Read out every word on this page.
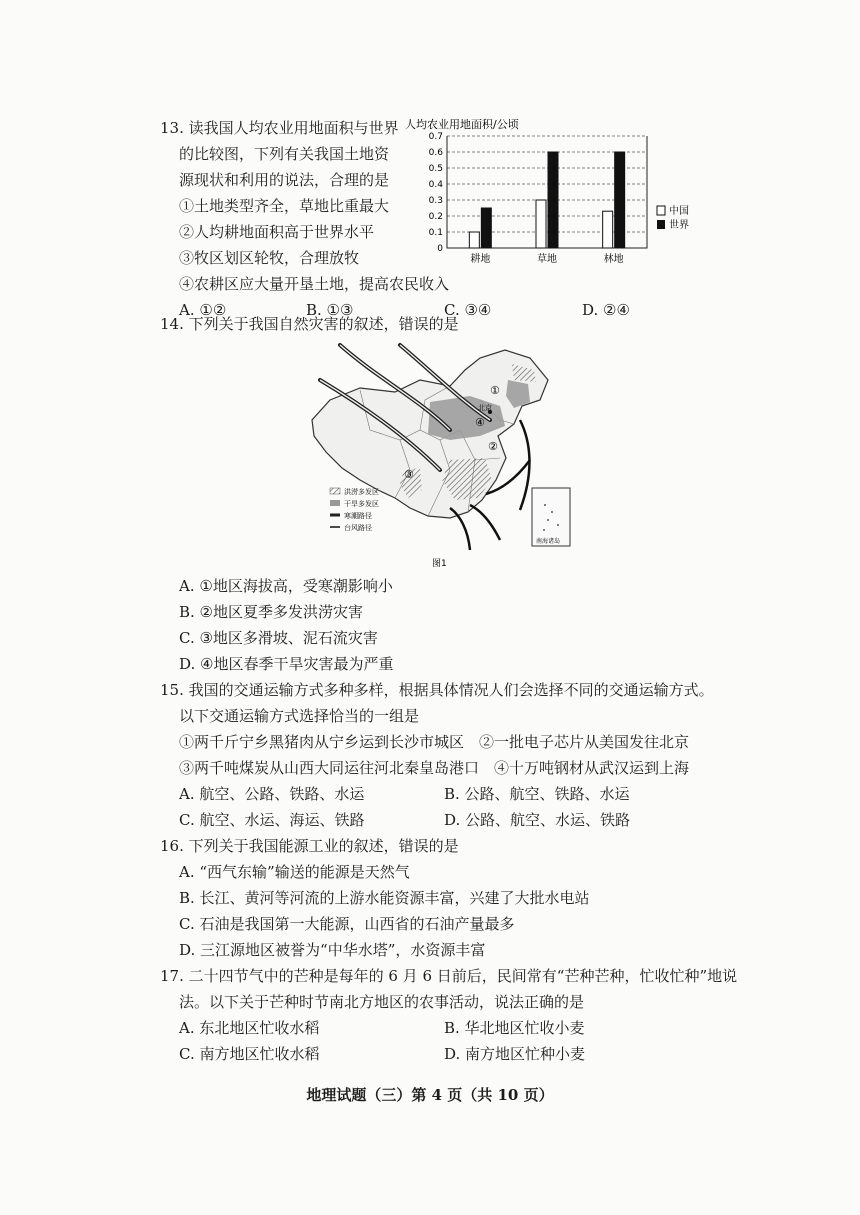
13. 读我国人均农业用地面积与世界
的比较图，下列有关我国土地资
源现状和利用的说法，合理的是
①土地类型齐全，草地比重最大
②人均耕地面积高于世界水平
③牧区划区轮牧，合理放牧
④农耕区应大量开垦土地，提高农民收入
A. ①②	B. ①③	C. ③④	D. ②④
人均农业用地面积/公顷
0
0.1
0.2
0.3
0.4
0.5
0.6
0.7
耕地	草地	林地
中国
世界
14. 下列关于我国自然灾害的叙述，错误的是
①
②
③
④
北京
南海诸岛
洪涝多发区
干旱多发区
寒潮路径
台风路径
图1
A. ①地区海拔高，受寒潮影响小
B. ②地区夏季多发洪涝灾害
C. ③地区多滑坡、泥石流灾害
D. ④地区春季干旱灾害最为严重
15. 我国的交通运输方式多种多样，根据具体情况人们会选择不同的交通运输方式。
以下交通运输方式选择恰当的一组是
①两千斤宁乡黑猪肉从宁乡运到长沙市城区　②一批电子芯片从美国发往北京
③两千吨煤炭从山西大同运往河北秦皇岛港口　④十万吨钢材从武汉运到上海
A. 航空、公路、铁路、水运	B. 公路、航空、铁路、水运
C. 航空、水运、海运、铁路	D. 公路、航空、水运、铁路
16. 下列关于我国能源工业的叙述，错误的是
A. “西气东输”输送的能源是天然气
B. 长江、黄河等河流的上游水能资源丰富，兴建了大批水电站
C. 石油是我国第一大能源，山西省的石油产量最多
D. 三江源地区被誉为“中华水塔”，水资源丰富
17. 二十四节气中的芒种是每年的 6 月 6 日前后，民间常有“芒种芒种，忙收忙种”地说
法。以下关于芒种时节南北方地区的农事活动，说法正确的是
A. 东北地区忙收水稻	B. 华北地区忙收小麦
C. 南方地区忙收水稻	D. 南方地区忙种小麦
地理试题（三）第 4 页（共 10 页）
